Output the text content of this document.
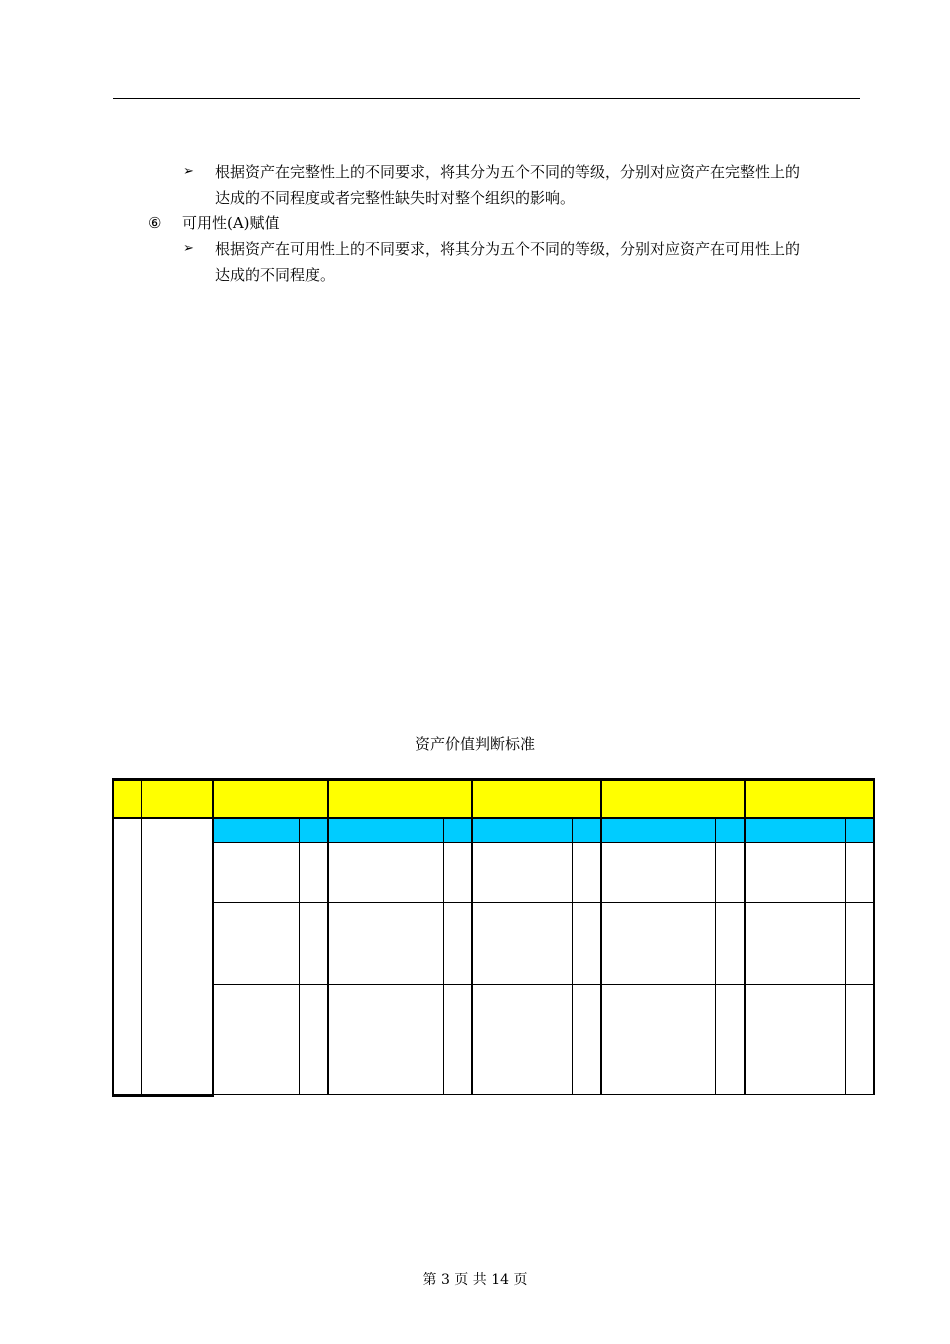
➢ 根据资产在完整性上的不同要求，将其分为五个不同的等级，分别对应资产在完整性上的
达成的不同程度或者完整性缺失时对整个组织的影响。
⑥ 可用性(A)赋值
➢ 根据资产在可用性上的不同要求，将其分为五个不同的等级，分别对应资产在可用性上的
达成的不同程度。
资产价值判断标准
第 3 页 共 14 页
